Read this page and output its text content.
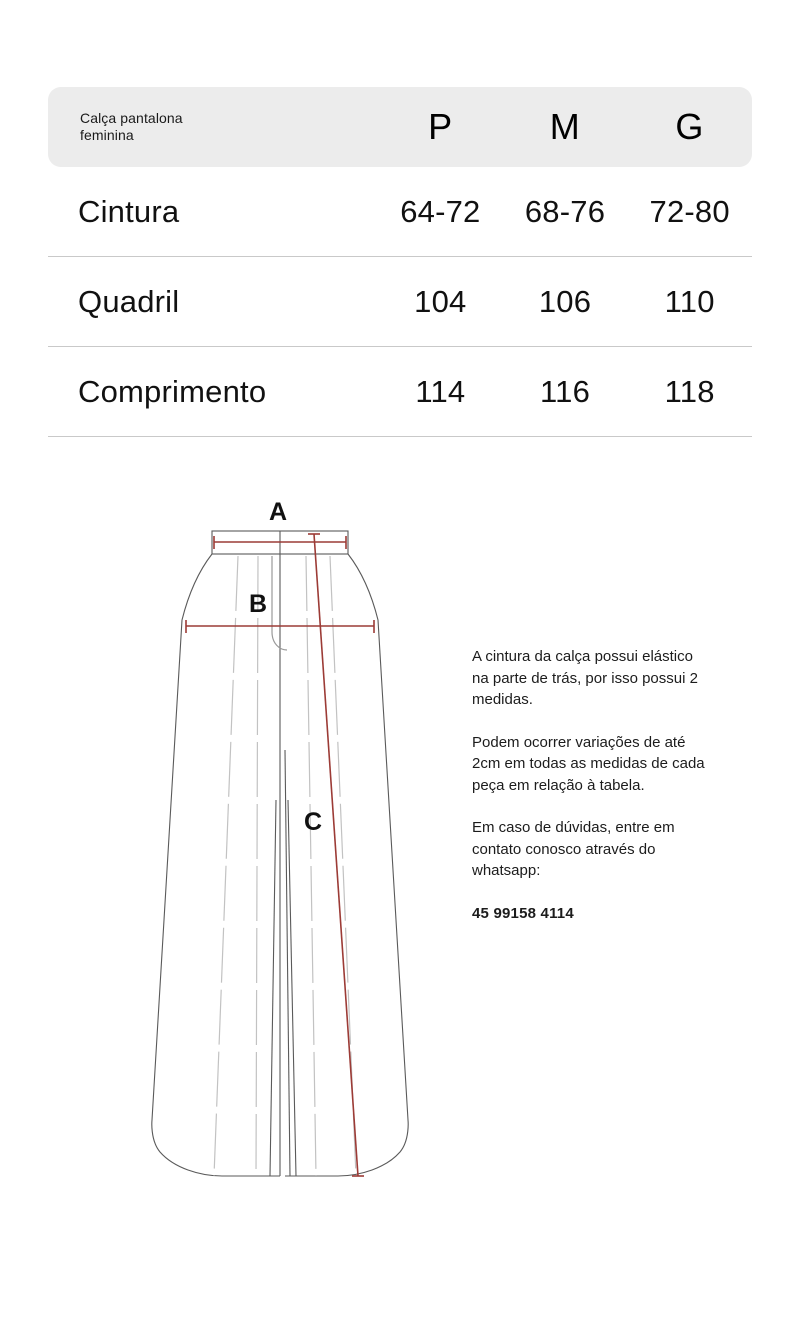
Calça pantalona
feminina	P	M	G
Cintura	64-72	68-76	72-80
Quadril	104	106	110
Comprimento	114	116	118
A
B
C

A cintura da calça possui elástico na parte de trás, por isso possui 2 medidas.

Podem ocorrer variações de até 2cm em todas as medidas de cada peça em relação à tabela.

Em caso de dúvidas, entre em contato conosco através do whatsapp:

45 99158 4114
